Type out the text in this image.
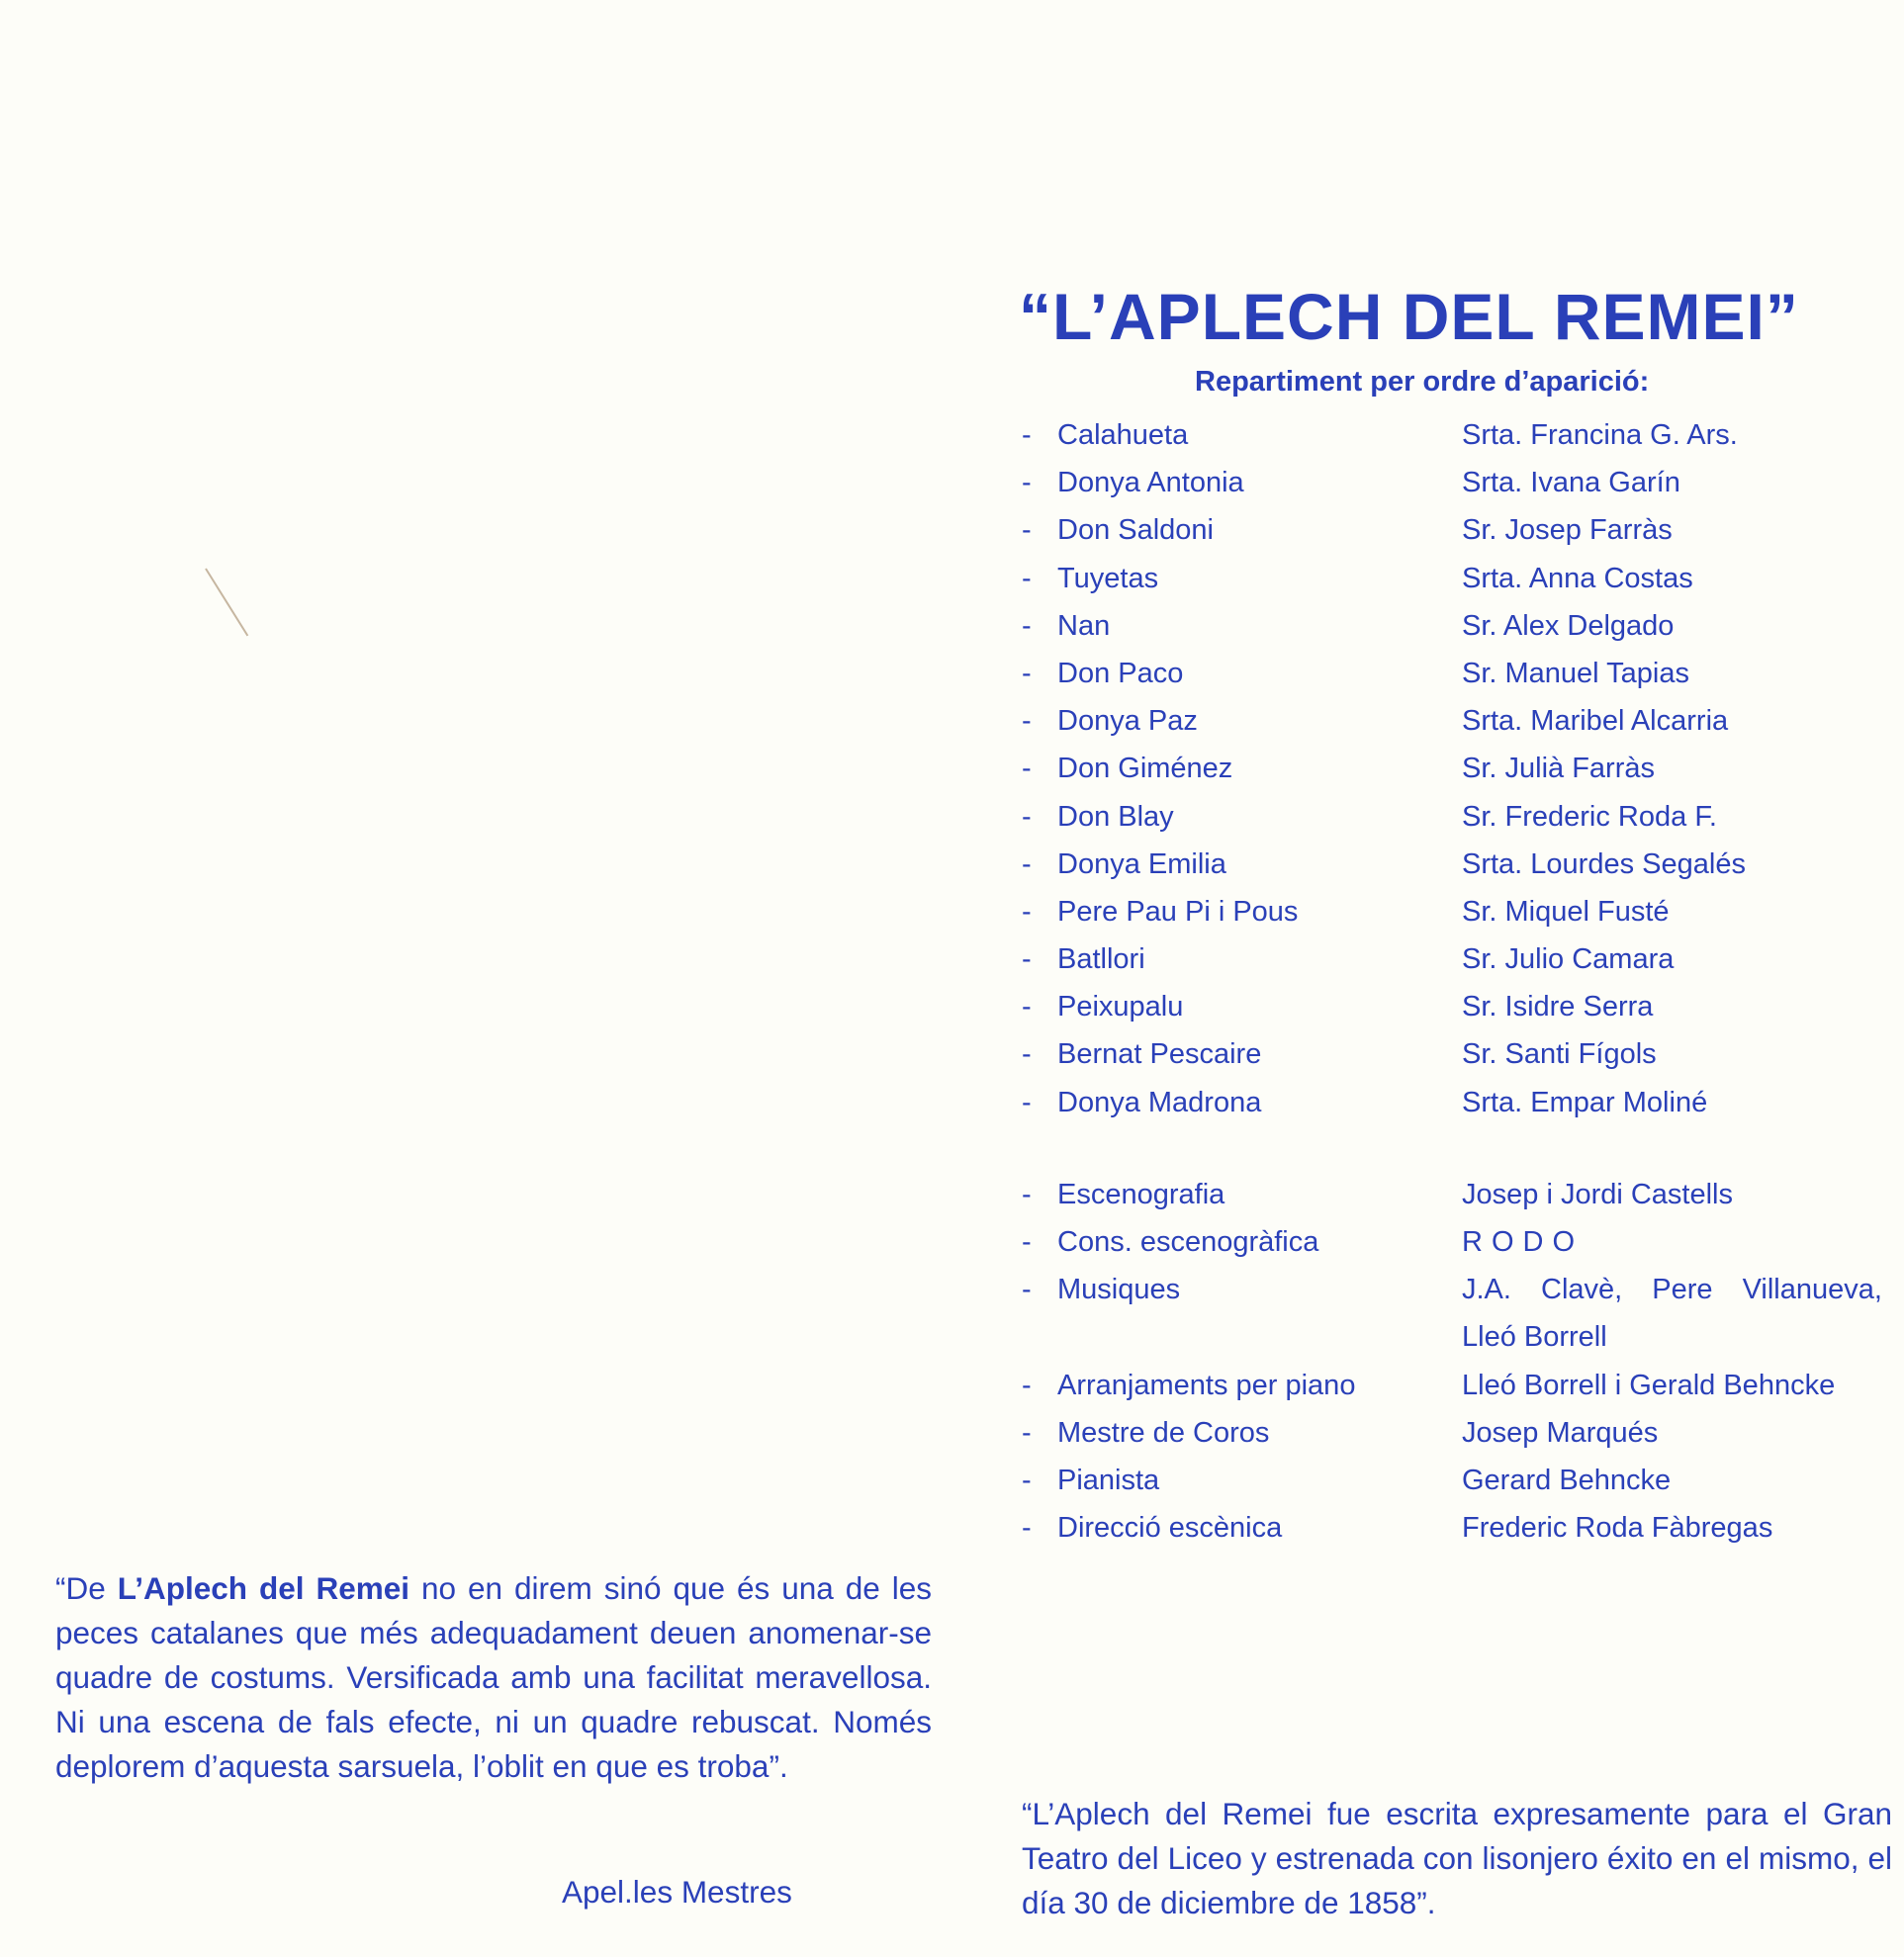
“L’APLECH DEL REMEI”
Repartiment per ordre d’aparició:
- Calahueta	Srta. Francina G. Ars.
- Donya Antonia	Srta. Ivana Garín
- Don Saldoni	Sr. Josep Farràs
- Tuyetas	Srta. Anna Costas
- Nan	Sr. Alex Delgado
- Don Paco	Sr. Manuel Tapias
- Donya Paz	Srta. Maribel Alcarria
- Don Giménez	Sr. Julià Farràs
- Don Blay	Sr. Frederic Roda F.
- Donya Emilia	Srta. Lourdes Segalés
- Pere Pau Pi i Pous	Sr. Miquel Fusté
- Batllori	Sr. Julio Camara
- Peixupalu	Sr. Isidre Serra
- Bernat Pescaire	Sr. Santi Fígols
- Donya Madrona	Srta. Empar Moliné
- Escenografia	Josep i Jordi Castells
- Cons. escenogràfica	RODO
- Musiques	J.A. Clavè, Pere Villanueva,
Lleó Borrell
- Arranjaments per piano	Lleó Borrell i Gerald Behncke
- Mestre de Coros	Josep Marqués
- Pianista	Gerard Behncke
- Direcció escènica	Frederic Roda Fàbregas
“De L’Aplech del Remei no en direm sinó que és una de les peces catalanes que més adequadament deuen anomenar-se quadre de costums. Versificada amb una facilitat meravellosa. Ni una escena de fals efecte, ni un quadre rebuscat. Només deplorem d’aquesta sarsuela, l’oblit en que es troba”.
Apel.les Mestres
“L’Aplech del Remei fue escrita expresamente para el Gran Teatro del Liceo y estrenada con lisonjero éxito en el mismo, el día 30 de diciembre de 1858”.
